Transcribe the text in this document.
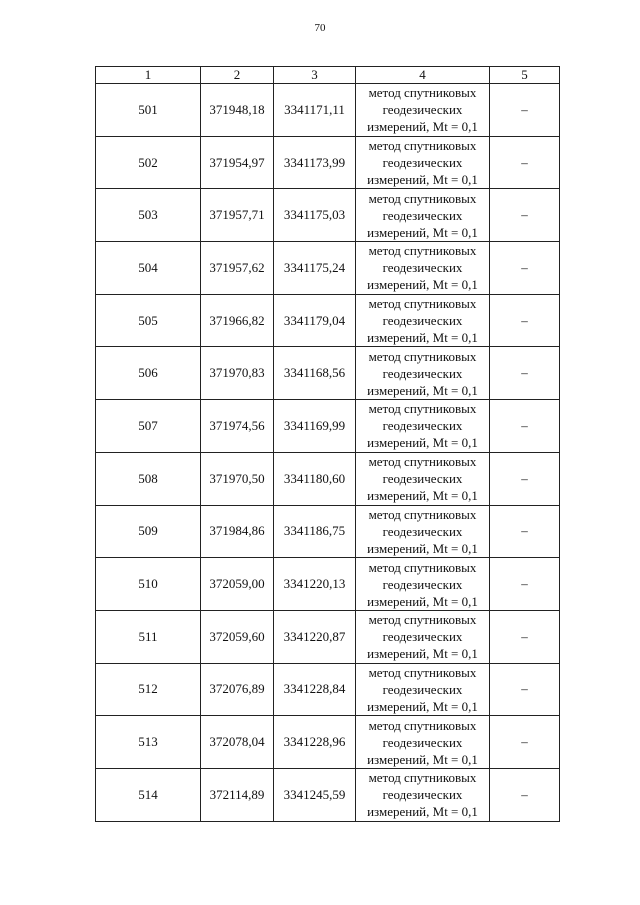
70
1	2	3	4	5
501	371948,18	3341171,11	метод спутниковых
геодезических
измерений, Mt = 0,1	–
502	371954,97	3341173,99	метод спутниковых
геодезических
измерений, Mt = 0,1	–
503	371957,71	3341175,03	метод спутниковых
геодезических
измерений, Mt = 0,1	–
504	371957,62	3341175,24	метод спутниковых
геодезических
измерений, Mt = 0,1	–
505	371966,82	3341179,04	метод спутниковых
геодезических
измерений, Mt = 0,1	–
506	371970,83	3341168,56	метод спутниковых
геодезических
измерений, Mt = 0,1	–
507	371974,56	3341169,99	метод спутниковых
геодезических
измерений, Mt = 0,1	–
508	371970,50	3341180,60	метод спутниковых
геодезических
измерений, Mt = 0,1	–
509	371984,86	3341186,75	метод спутниковых
геодезических
измерений, Mt = 0,1	–
510	372059,00	3341220,13	метод спутниковых
геодезических
измерений, Mt = 0,1	–
511	372059,60	3341220,87	метод спутниковых
геодезических
измерений, Mt = 0,1	–
512	372076,89	3341228,84	метод спутниковых
геодезических
измерений, Mt = 0,1	–
513	372078,04	3341228,96	метод спутниковых
геодезических
измерений, Mt = 0,1	–
514	372114,89	3341245,59	метод спутниковых
геодезических
измерений, Mt = 0,1	–
